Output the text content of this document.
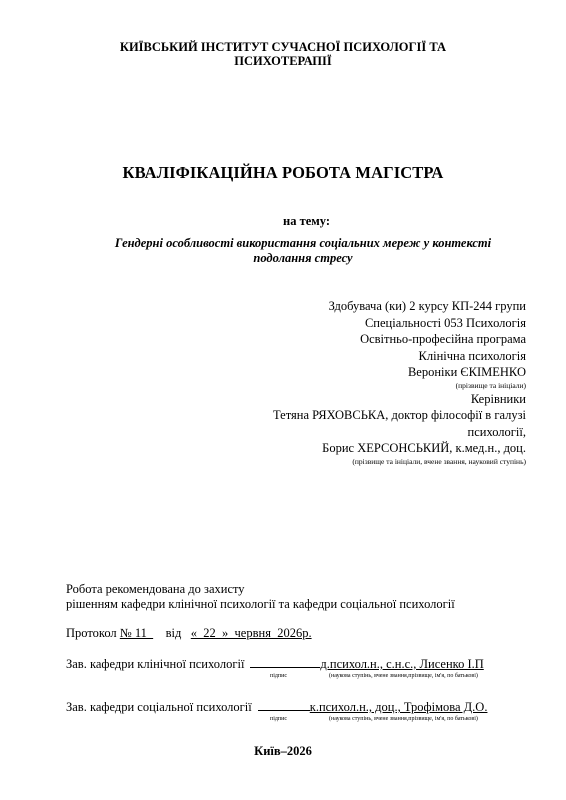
КИЇВСЬКИЙ ІНСТИТУТ СУЧАСНОЇ ПСИХОЛОГІЇ ТА
ПСИХОТЕРАПІЇ
КВАЛІФІКАЦІЙНА РОБОТА МАГІСТРА
на тему:
Гендерні особливості використання соціальних мереж у контексті
подолання стресу
Здобувача (ки) 2 курсу КП-244 групи
Спеціальності 053 Психологія
Освітньо-професійна програма
Клінічна психологія
Вероніки ЄКІМЕНКО
(прізвище та ініціали)
Керівники
Тетяна РЯХОВСЬКА, доктор філософії в галузі
психології,
Борис ХЕРСОНСЬКИЙ, к.мед.н., доц.
(прізвище та ініціали, вчене звання, науковий ступінь)
Робота рекомендована до захисту
рішенням кафедри клінічної психології та кафедри соціальної психології
Протокол № 11      від   «  22  »  червня  2026р.
Зав. кафедри клінічної психології	д.психол.н., с.н.с., Лисенко І.П
підпис	(наукова ступінь, вчене звання,прізвище, ім'я, по батькові)
Зав. кафедри соціальної психології	к.психол.н., доц., Трофімова Д.О.
підпис	(наукова ступінь, вчене звання,прізвище, ім'я, по батькові)
Київ–2026
